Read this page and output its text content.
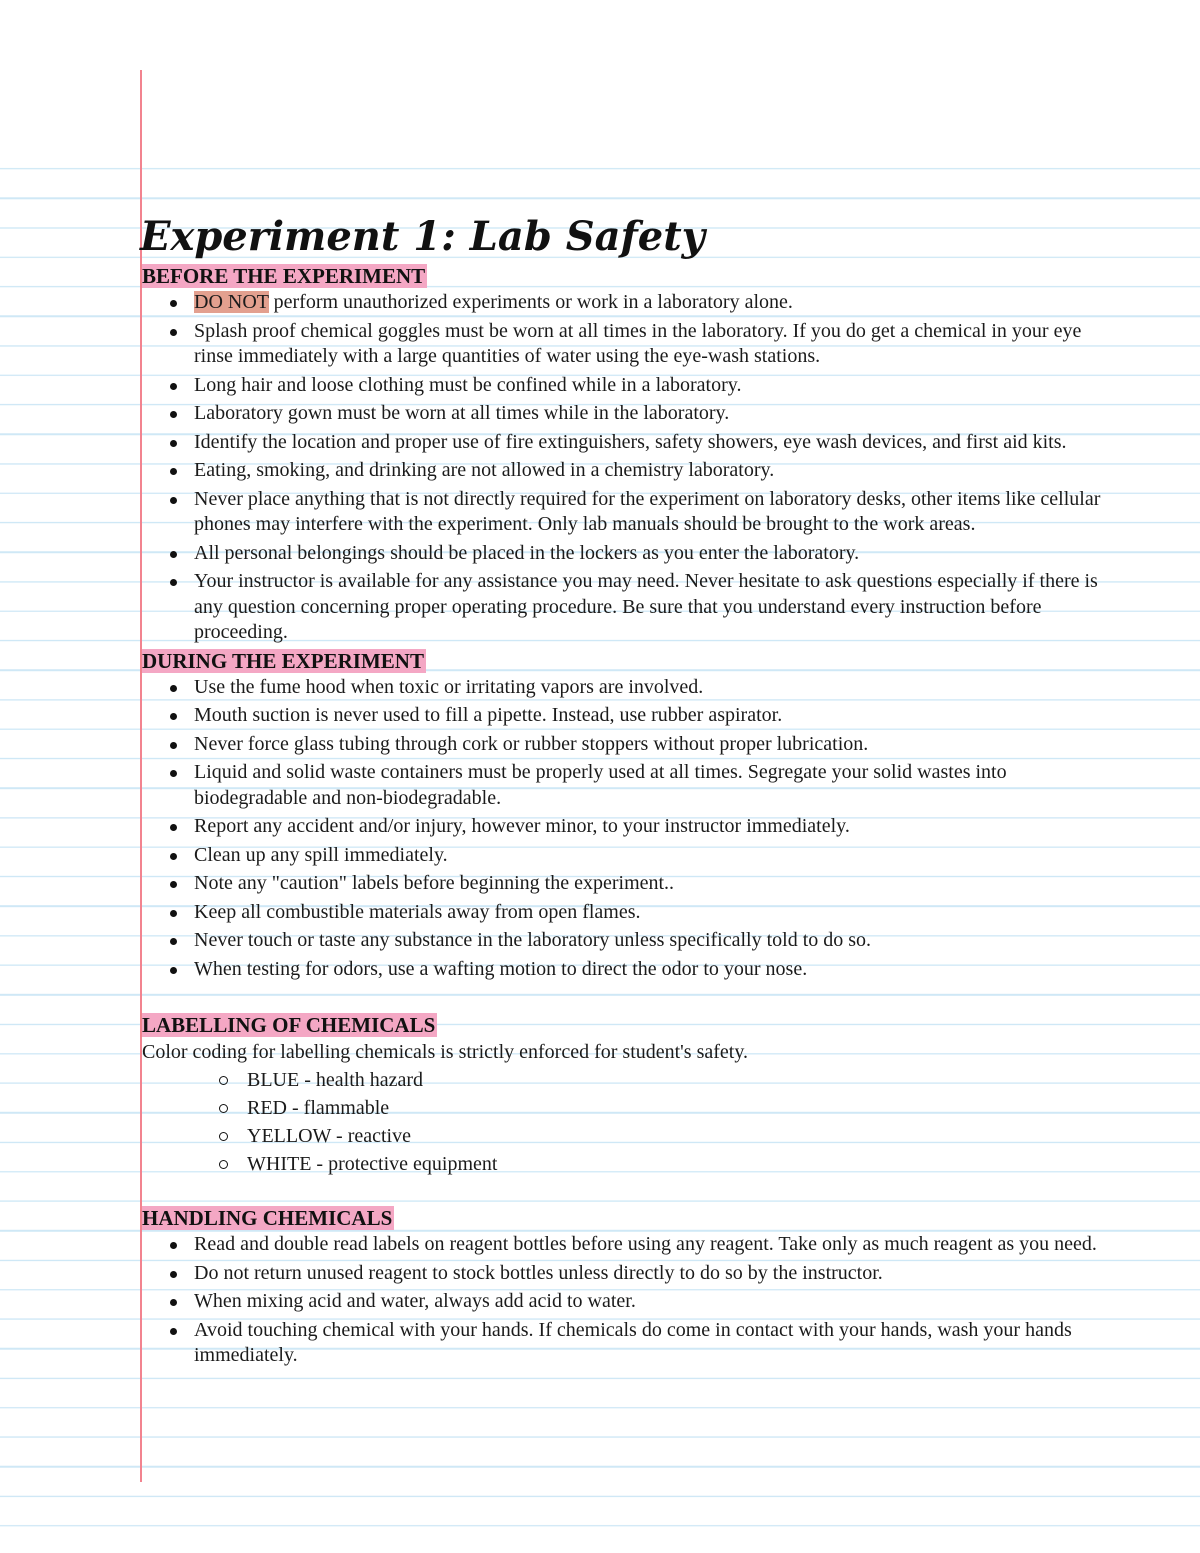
Experiment 1: Lab Safety
BEFORE THE EXPERIMENT
DO NOT perform unauthorized experiments or work in a laboratory alone.
Splash proof chemical goggles must be worn at all times in the laboratory. If you do get a chemical in your eye rinse immediately with a large quantities of water using the eye-wash stations.
Long hair and loose clothing must be confined while in a laboratory.
Laboratory gown must be worn at all times while in the laboratory.
Identify the location and proper use of fire extinguishers, safety showers, eye wash devices, and first aid kits.
Eating, smoking, and drinking are not allowed in a chemistry laboratory.
Never place anything that is not directly required for the experiment on laboratory desks, other items like cellular phones may interfere with the experiment. Only lab manuals should be brought to the work areas.
All personal belongings should be placed in the lockers as you enter the laboratory.
Your instructor is available for any assistance you may need. Never hesitate to ask questions especially if there is any question concerning proper operating procedure. Be sure that you understand every instruction before proceeding.
DURING THE EXPERIMENT
Use the fume hood when toxic or irritating vapors are involved.
Mouth suction is never used to fill a pipette. Instead, use rubber aspirator.
Never force glass tubing through cork or rubber stoppers without proper lubrication.
Liquid and solid waste containers must be properly used at all times. Segregate your solid wastes into biodegradable and non-biodegradable.
Report any accident and/or injury, however minor, to your instructor immediately.
Clean up any spill immediately.
Note any "caution" labels before beginning the experiment..
Keep all combustible materials away from open flames.
Never touch or taste any substance in the laboratory unless specifically told to do so.
When testing for odors, use a wafting motion to direct the odor to your nose.
LABELLING OF CHEMICALS

Color coding for labelling chemicals is strictly enforced for student's safety.

BLUE - health hazard
RED - flammable
YELLOW - reactive
WHITE - protective equipment
HANDLING CHEMICALS
Read and double read labels on reagent bottles before using any reagent. Take only as much reagent as you need.
Do not return unused reagent to stock bottles unless directly to do so by the instructor.
When mixing acid and water, always add acid to water.
Avoid touching chemical with your hands. If chemicals do come in contact with your hands, wash your hands immediately.
